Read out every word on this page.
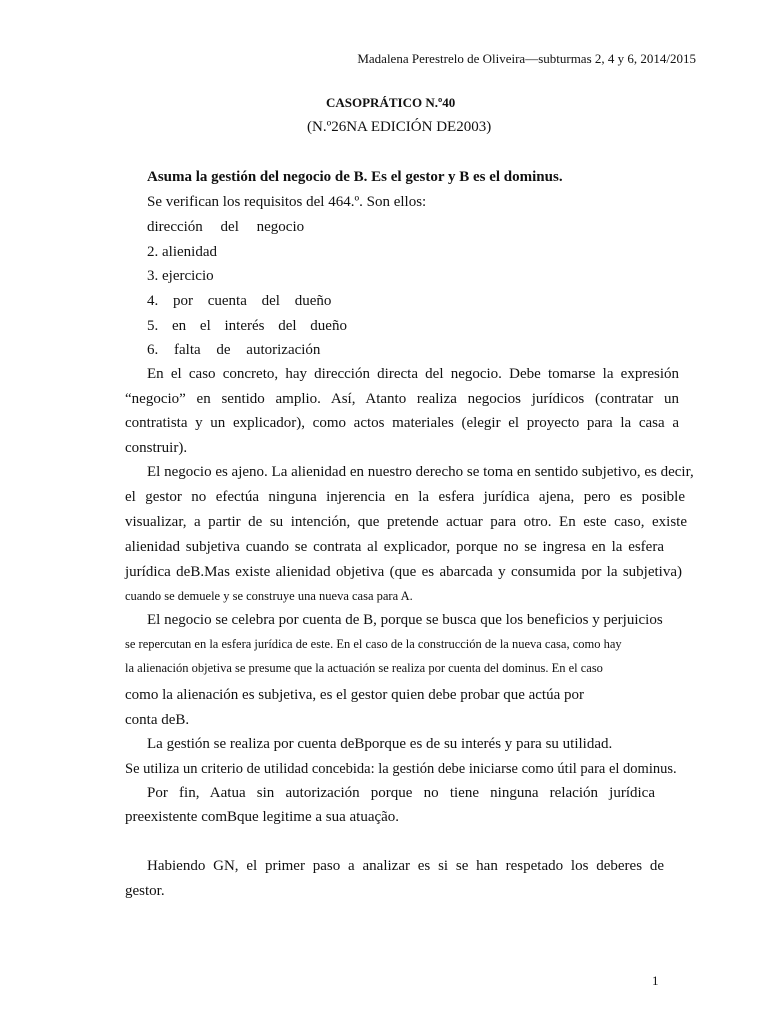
Madalena Perestrelo de Oliveira—subturmas 2, 4 y 6, 2014/2015
CASOPRÁTICO N.º40
(N.º26NA EDICIÓN DE2003)
Asuma la gestión del negocio de B. Es el gestor y B es el dominus.
Se verifican los requisitos del 464.º. Son ellos:
dirección del negocio
2. alienidad
3. ejercicio
4. por cuenta del dueño
5. en el interés del dueño
6. falta de autorización
En el caso concreto, hay dirección directa del negocio. Debe tomarse la expresión
“negocio” en sentido amplio. Así, Atanto realiza negocios jurídicos (contratar un
contratista y un explicador), como actos materiales (elegir el proyecto para la casa a
construir).
El negocio es ajeno. La alienidad en nuestro derecho se toma en sentido subjetivo, es decir,
el gestor no efectúa ninguna injerencia en la esfera jurídica ajena, pero es posible
visualizar, a partir de su intención, que pretende actuar para otro. En este caso, existe
alienidad subjetiva cuando se contrata al explicador, porque no se ingresa en la esfera
jurídica deB.Mas existe alienidad objetiva (que es abarcada y consumida por la subjetiva)
cuando se demuele y se construye una nueva casa para A.
El negocio se celebra por cuenta de B, porque se busca que los beneficios y perjuicios
se repercutan en la esfera jurídica de este. En el caso de la construcción de la nueva casa, como hay
la alienación objetiva se presume que la actuación se realiza por cuenta del dominus. En el caso
como la alienación es subjetiva, es el gestor quien debe probar que actúa por
conta deB.
La gestión se realiza por cuenta deBporque es de su interés y para su utilidad.
Se utiliza un criterio de utilidad concebida: la gestión debe iniciarse como útil para el dominus.
Por fin, Aatua sin autorización porque no tiene ninguna relación jurídica
preexistente comBque legitime a sua atuação.
Habiendo GN, el primer paso a analizar es si se han respetado los deberes de
gestor.
1
